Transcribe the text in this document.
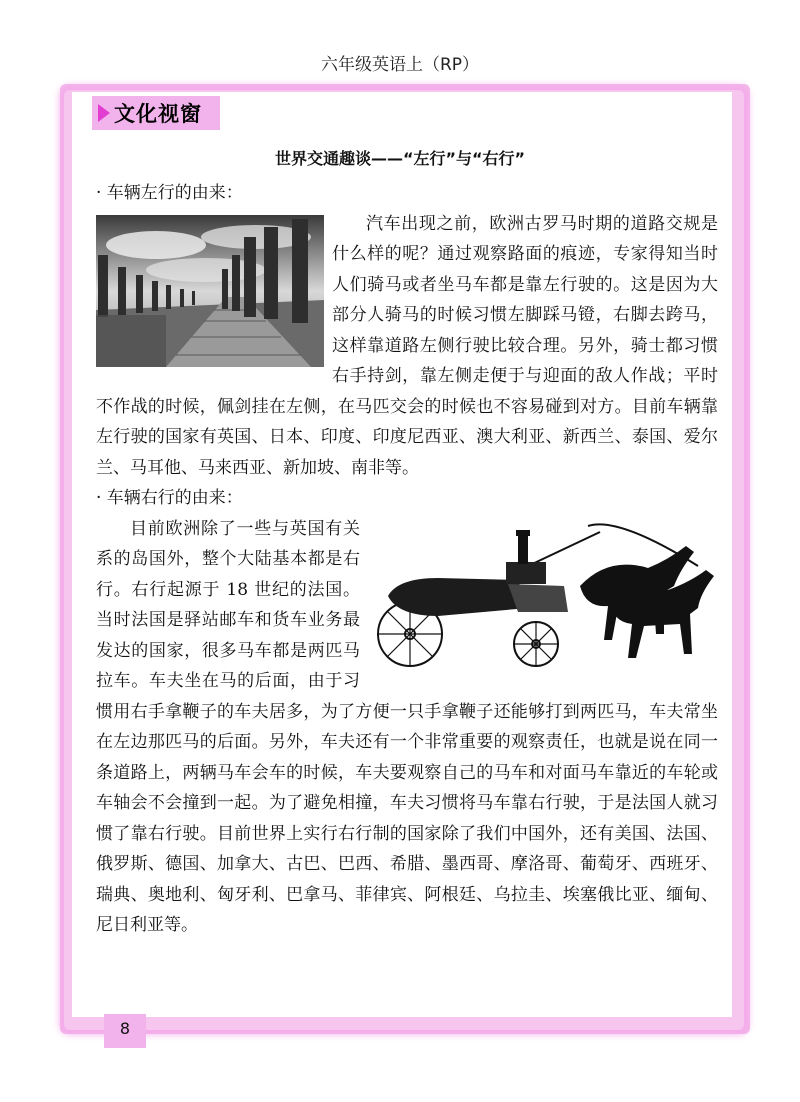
六年级英语上（RP）
文化视窗
世界交通趣谈——“左行”与“右行”

· 车辆左行的由来：

汽车出现之前，欧洲古罗马时期的道路交规是什么样的呢？通过观察路面的痕迹，专家得知当时人们骑马或者坐马车都是靠左行驶的。这是因为大部分人骑马的时候习惯左脚踩马镫，右脚去跨马，这样靠道路左侧行驶比较合理。另外，骑士都习惯右手持剑，靠左侧走便于与迎面的敌人作战；平时不作战的时候，佩剑挂在左侧，在马匹交会的时候也不容易碰到对方。目前车辆靠左行驶的国家有英国、日本、印度、印度尼西亚、澳大利亚、新西兰、泰国、爱尔兰、马耳他、马来西亚、新加坡、南非等。

· 车辆右行的由来：

目前欧洲除了一些与英国有关系的岛国外，整个大陆基本都是右行。右行起源于 18 世纪的法国。当时法国是驿站邮车和货车业务最发达的国家，很多马车都是两匹马拉车。车夫坐在马的后面，由于习惯用右手拿鞭子的车夫居多，为了方便一只手拿鞭子还能够打到两匹马，车夫常坐在左边那匹马的后面。另外，车夫还有一个非常重要的观察责任，也就是说在同一条道路上，两辆马车会车的时候，车夫要观察自己的马车和对面马车靠近的车轮或车轴会不会撞到一起。为了避免相撞，车夫习惯将马车靠右行驶，于是法国人就习惯了靠右行驶。目前世界上实行右行制的国家除了我们中国外，还有美国、法国、俄罗斯、德国、加拿大、古巴、巴西、希腊、墨西哥、摩洛哥、葡萄牙、西班牙、瑞典、奥地利、匈牙利、巴拿马、菲律宾、阿根廷、乌拉圭、埃塞俄比亚、缅甸、尼日利亚等。
8
